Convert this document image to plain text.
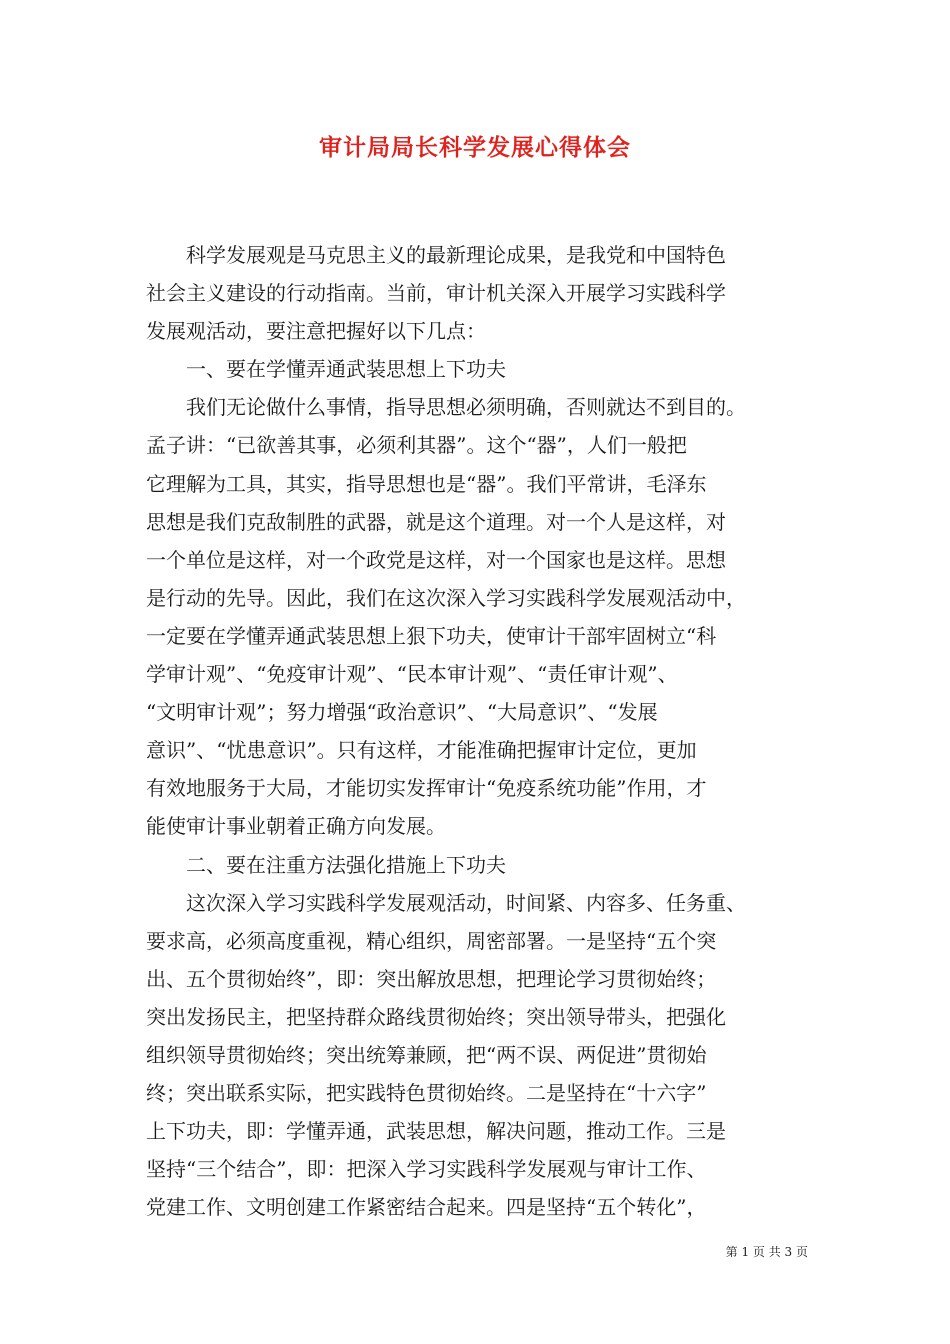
审计局局长科学发展心得体会
　　科学发展观是马克思主义的最新理论成果，是我党和中国特色
社会主义建设的行动指南。当前，审计机关深入开展学习实践科学
发展观活动，要注意把握好以下几点：
　　一、要在学懂弄通武装思想上下功夫
　　我们无论做什么事情，指导思想必须明确，否则就达不到目的。
孟子讲：“已欲善其事，必须利其器”。这个“器”，人们一般把
它理解为工具，其实，指导思想也是“器”。我们平常讲，毛泽东
思想是我们克敌制胜的武器，就是这个道理。对一个人是这样，对
一个单位是这样，对一个政党是这样，对一个国家也是这样。思想
是行动的先导。因此，我们在这次深入学习实践科学发展观活动中，
一定要在学懂弄通武装思想上狠下功夫，使审计干部牢固树立“科
学审计观”、“免疫审计观”、“民本审计观”、“责任审计观”、
“文明审计观”；努力增强“政治意识”、“大局意识”、“发展
意识”、“忧患意识”。只有这样，才能准确把握审计定位，更加
有效地服务于大局，才能切实发挥审计“免疫系统功能”作用，才
能使审计事业朝着正确方向发展。
　　二、要在注重方法强化措施上下功夫
　　这次深入学习实践科学发展观活动，时间紧、内容多、任务重、
要求高，必须高度重视，精心组织，周密部署。一是坚持“五个突
出、五个贯彻始终”，即：突出解放思想，把理论学习贯彻始终；
突出发扬民主，把坚持群众路线贯彻始终；突出领导带头，把强化
组织领导贯彻始终；突出统筹兼顾，把“两不误、两促进”贯彻始
终；突出联系实际，把实践特色贯彻始终。二是坚持在“十六字”
上下功夫，即：学懂弄通，武装思想，解决问题，推动工作。三是
坚持“三个结合”，即：把深入学习实践科学发展观与审计工作、
党建工作、文明创建工作紧密结合起来。四是坚持“五个转化”，
第 1 页 共 3 页
